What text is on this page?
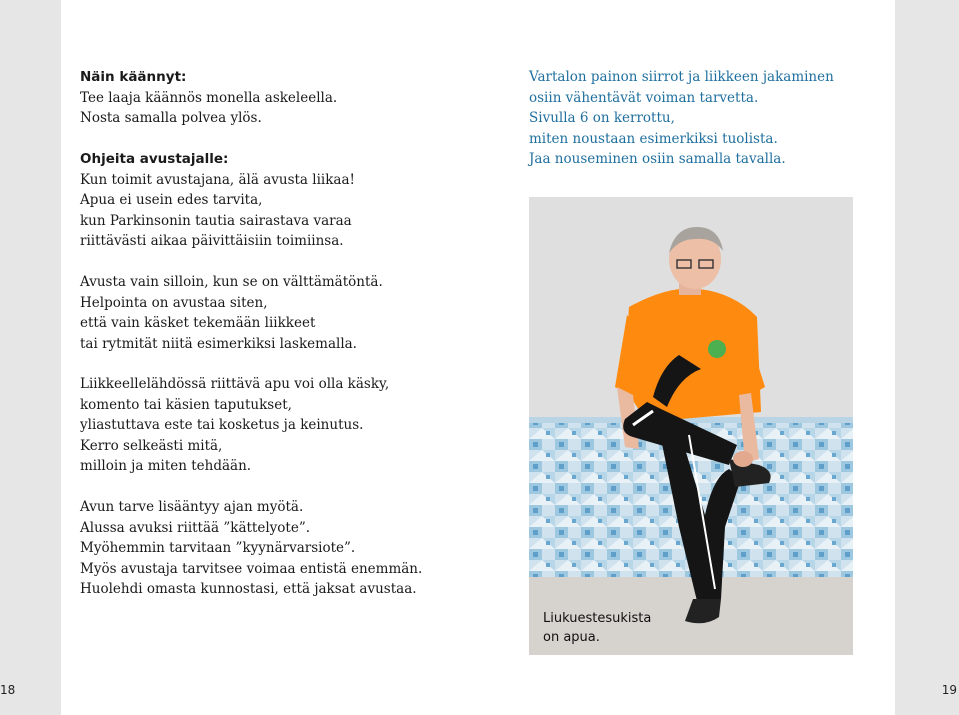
Näin käännyt:
Tee laaja käännös monella askeleella.
Nosta samalla polvea ylös.
Ohjeita avustajalle:
Kun toimit avustajana, älä avusta liikaa!
Apua ei usein edes tarvita,
kun Parkinsonin tautia sairastava varaa
riittävästi aikaa päivittäisiin toimiinsa.
Avusta vain silloin, kun se on välttämätöntä.
Helpointa on avustaa siten,
että vain käsket tekemään liikkeet
tai rytmität niitä esimerkiksi laskemalla.
Liikkeellelähdössä riittävä apu voi olla käsky,
komento tai käsien taputukset,
yliastuttava este tai kosketus ja keinutus.
Kerro selkeästi mitä,
milloin ja miten tehdään.
Avun tarve lisääntyy ajan myötä.
Alussa avuksi riittää ”kättelyote”.
Myöhemmin tarvitaan ”kyynärvarsiote”.
Myös avustaja tarvitsee voimaa entistä enemmän.
Huolehdi omasta kunnostasi, että jaksat avustaa.
Vartalon painon siirrot ja liikkeen jakaminen
osiin vähentävät voiman tarvetta.
Sivulla 6 on kerrottu,
miten noustaan esimerkiksi tuolista.
Jaa nouseminen osiin samalla tavalla.
Liukuestesukista
on apua.
18	19
